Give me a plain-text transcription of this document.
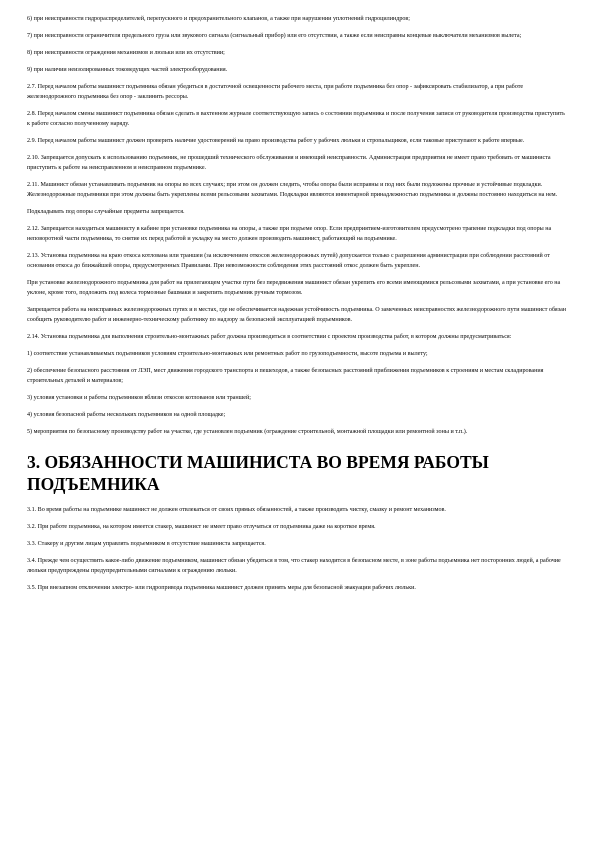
6) при неисправности гидрораспределителей, перепускного и предохранительного клапанов, а также при нарушении уплотнений гидроцилиндров;

7) при неисправности ограничителя предельного груза или звукового сигнала (сигнальный прибор) или его отсутствии, а также если неисправны концевые выключатели механизмов вылета;

8) при неисправности ограждения механизмов и люльки или их отсутствии;

9) при наличии неизолированных токоведущих частей электрооборудования.

2.7. Перед началом работы машинист подъемника обязан убедиться в достаточной освещенности рабочего места, при работе подъемника без опор - зафиксировать стабилизатор, а при работе железнодорожного подъемника без опор - заклинить рессоры.

2.8. Перед началом смены машинист подъемника обязан сделать в вахтенном журнале соответствующую запись о состоянии подъемника и после получения записи от руководителя производства приступить к работе согласно полученному наряду.

2.9. Перед началом работы машинист должен проверить наличие удостоверений на право производства работ у рабочих люльки и стропальщиков, если таковые приступают к работе впервые.

2.10. Запрещается допускать к использованию подъемник, не прошедший технического обслуживания и имеющий неисправности. Администрация предприятия не имеет право требовать от машиниста приступить к работе на неисправленном и неисправном подъемнике.

2.11. Машинист обязан устанавливать подъемник на опоры во всех случаях; при этом он должен следить, чтобы опоры были исправны и под них были подложены прочные и устойчивые подкладки. Железнодорожные подъемники при этом должны быть укреплены всеми рельсовыми захватами. Подкладки являются инвентарной принадлежностью подъемника и должны постоянно находиться на нем.

Подкладывать под опоры случайные предметы запрещается.

2.12. Запрещается находиться машинисту в кабине при установке подъемника на опоры, а также при подъеме опор. Если предприятием-изготовителем предусмотрено трапение подкладки под опоры на неповоротной части подъемника, то снятие их перед работой и укладку на место должен производить машинист, работающий на подъемнике.

2.13. Установка подъемника на краю откоса котлована или траншеи (за исключением откосов железнодорожных путей) допускается только с разрешения администрации при соблюдении расстояний от основания откоса до ближайшей опоры, предусмотренных Правилами. При невозможности соблюдения этих расстояний откос должен быть укреплен.

При установке железнодорожного подъемника для работ на прилегающем участке пути без передвижения машинист обязан укрепить его всеми имеющимися рельсовыми захватами, а при установке его на уклоне, кроме того, подложить под колеса тормозные башмаки и закрепить подъемник ручным тормозом.

Запрещается работа на неисправных железнодорожных путях и в местах, где не обеспечивается надежная устойчивость подъемника. О замеченных неисправностях железнодорожного пути машинист обязан сообщить руководителю работ и инженерно-техническому работнику по надзору за безопасной эксплуатацией подъемников.

2.14. Установка подъемника для выполнения строительно-монтажных работ должна производиться в соответствии с проектом производства работ, в котором должны предусматриваться:

1) соответствие устанавливаемых подъемников условиям строительно-монтажных или ремонтных работ по грузоподъемности, высоте подъема и вылету;

2) обеспечение безопасного расстояния от ЛЭП, мест движения городского транспорта и пешеходов, а также безопасных расстояний приближения подъемников к строениям и местам складирования строительных деталей и материалов;

3) условия установки и работы подъемников вблизи откосов котлованов или траншей;

4) условия безопасной работы нескольких подъемников на одной площадке;

5) мероприятия по безопасному производству работ на участке, где установлен подъемник (ограждение строительной, монтажной площадки или ремонтной зоны и т.п.).

3. ОБЯЗАННОСТИ МАШИНИСТА ВО ВРЕМЯ РАБОТЫ ПОДЪЕМНИКА

3.1. Во время работы на подъемнике машинист не должен отвлекаться от своих прямых обязанностей, а также производить чистку, смазку и ремонт механизмов.

3.2. При работе подъемника, на котором имеется стакер, машинист не имеет право отлучаться от подъемника даже на короткое время.

3.3. Стакеру и другим лицам управлять подъемником в отсутствие машиниста запрещается.

3.4. Прежде чем осуществить какое-либо движение подъемником, машинист обязан убедиться в том, что стакер находится в безопасном месте, в зоне работы подъемника нет посторонних людей, а рабочие люльки предупреждены предупредительными сигналами к ограждению люльки.

3.5. При внезапном отключении электро- или гидропривода подъемника машинист должен принять меры для безопасной эвакуации рабочих люльки.
